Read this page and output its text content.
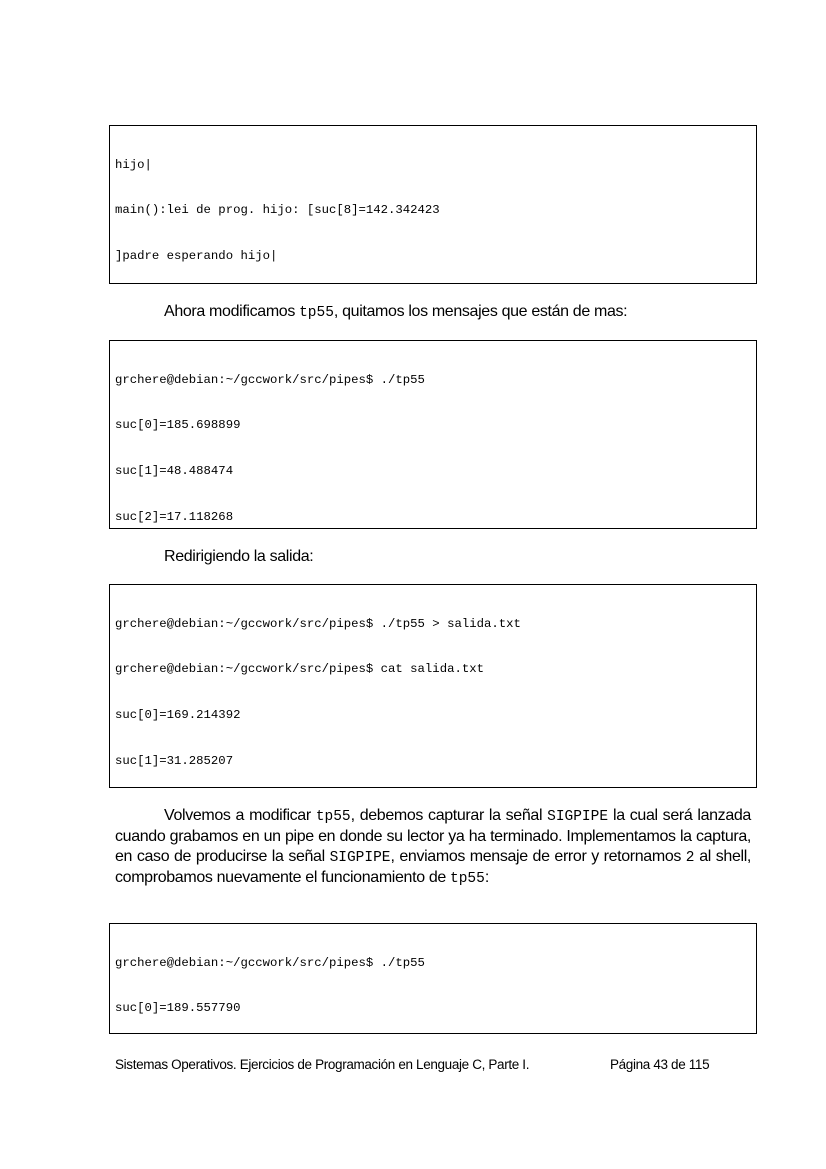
hijo|

main():lei de prog. hijo: [suc[8]=142.342423

]padre esperando hijo|

Ahora modificamos tp55, quitamos los mensajes que están de mas:

grchere@debian:~/gccwork/src/pipes$ ./tp55

suc[0]=185.698899

suc[1]=48.488474

suc[2]=17.118268

Redirigiendo la salida:

grchere@debian:~/gccwork/src/pipes$ ./tp55 > salida.txt

grchere@debian:~/gccwork/src/pipes$ cat salida.txt

suc[0]=169.214392

suc[1]=31.285207

Volvemos a modificar tp55, debemos capturar la señal SIGPIPE la cual será lanzada cuando grabamos en un pipe en donde su lector ya ha terminado. Implementamos la captura, en caso de producirse la señal SIGPIPE, enviamos mensaje de error y retornamos 2 al shell, comprobamos nuevamente el funcionamiento de tp55:

grchere@debian:~/gccwork/src/pipes$ ./tp55

suc[0]=189.557790

Sistemas Operativos. Ejercicios de Programación en Lenguaje C, Parte I.	Página 43 de 115
